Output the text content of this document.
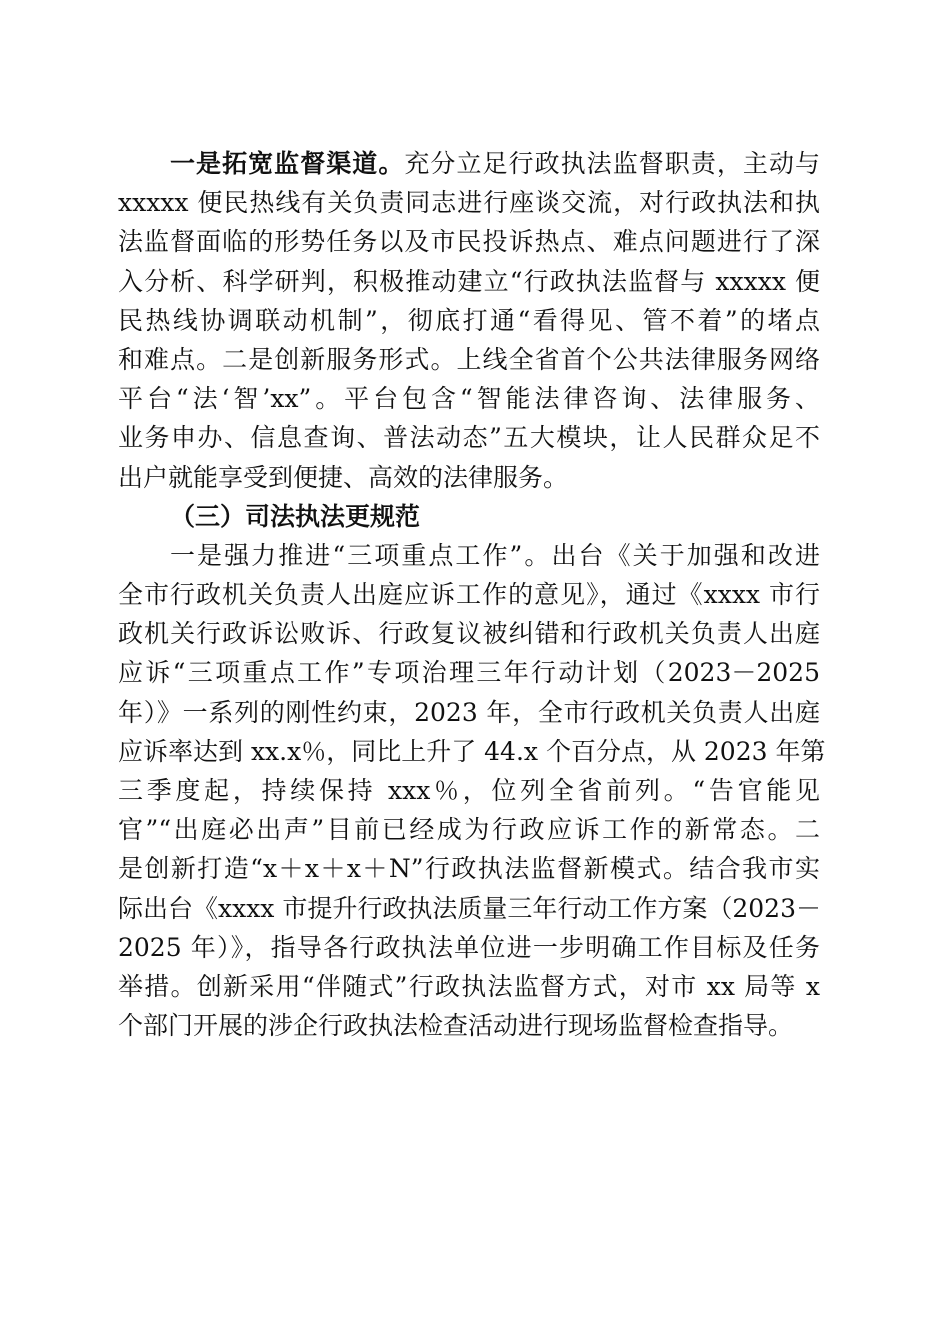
一是拓宽监督渠道。充分立足行政执法监督职责，主动与
xxxxx 便民热线有关负责同志进行座谈交流，对行政执法和执
法监督面临的形势任务以及市民投诉热点、难点问题进行了深
入分析、科学研判，积极推动建立“行政执法监督与 xxxxx 便
民热线协调联动机制”，彻底打通“看得见、管不着”的堵点
和难点。二是创新服务形式。上线全省首个公共法律服务网络
平台“法‘智’xx”。平台包含“智能法律咨询、法律服务、
业务申办、信息查询、普法动态”五大模块，让人民群众足不
出户就能享受到便捷、高效的法律服务。
（三）司法执法更规范
一是强力推进“三项重点工作”。出台《关于加强和改进
全市行政机关负责人出庭应诉工作的意见》，通过《xxxx 市行
政机关行政诉讼败诉、行政复议被纠错和行政机关负责人出庭
应诉“三项重点工作”专项治理三年行动计划（2023－2025
年）》一系列的刚性约束，2023 年，全市行政机关负责人出庭
应诉率达到 xx.x％，同比上升了 44.x 个百分点，从 2023 年第
三季度起，持续保持 xxx％，位列全省前列。“告官能见
官”“出庭必出声”目前已经成为行政应诉工作的新常态。二
是创新打造“x＋x＋x＋N”行政执法监督新模式。结合我市实
际出台《xxxx 市提升行政执法质量三年行动工作方案（2023－
2025 年）》，指导各行政执法单位进一步明确工作目标及任务
举措。创新采用“伴随式”行政执法监督方式，对市 xx 局等 x
个部门开展的涉企行政执法检查活动进行现场监督检查指导。
